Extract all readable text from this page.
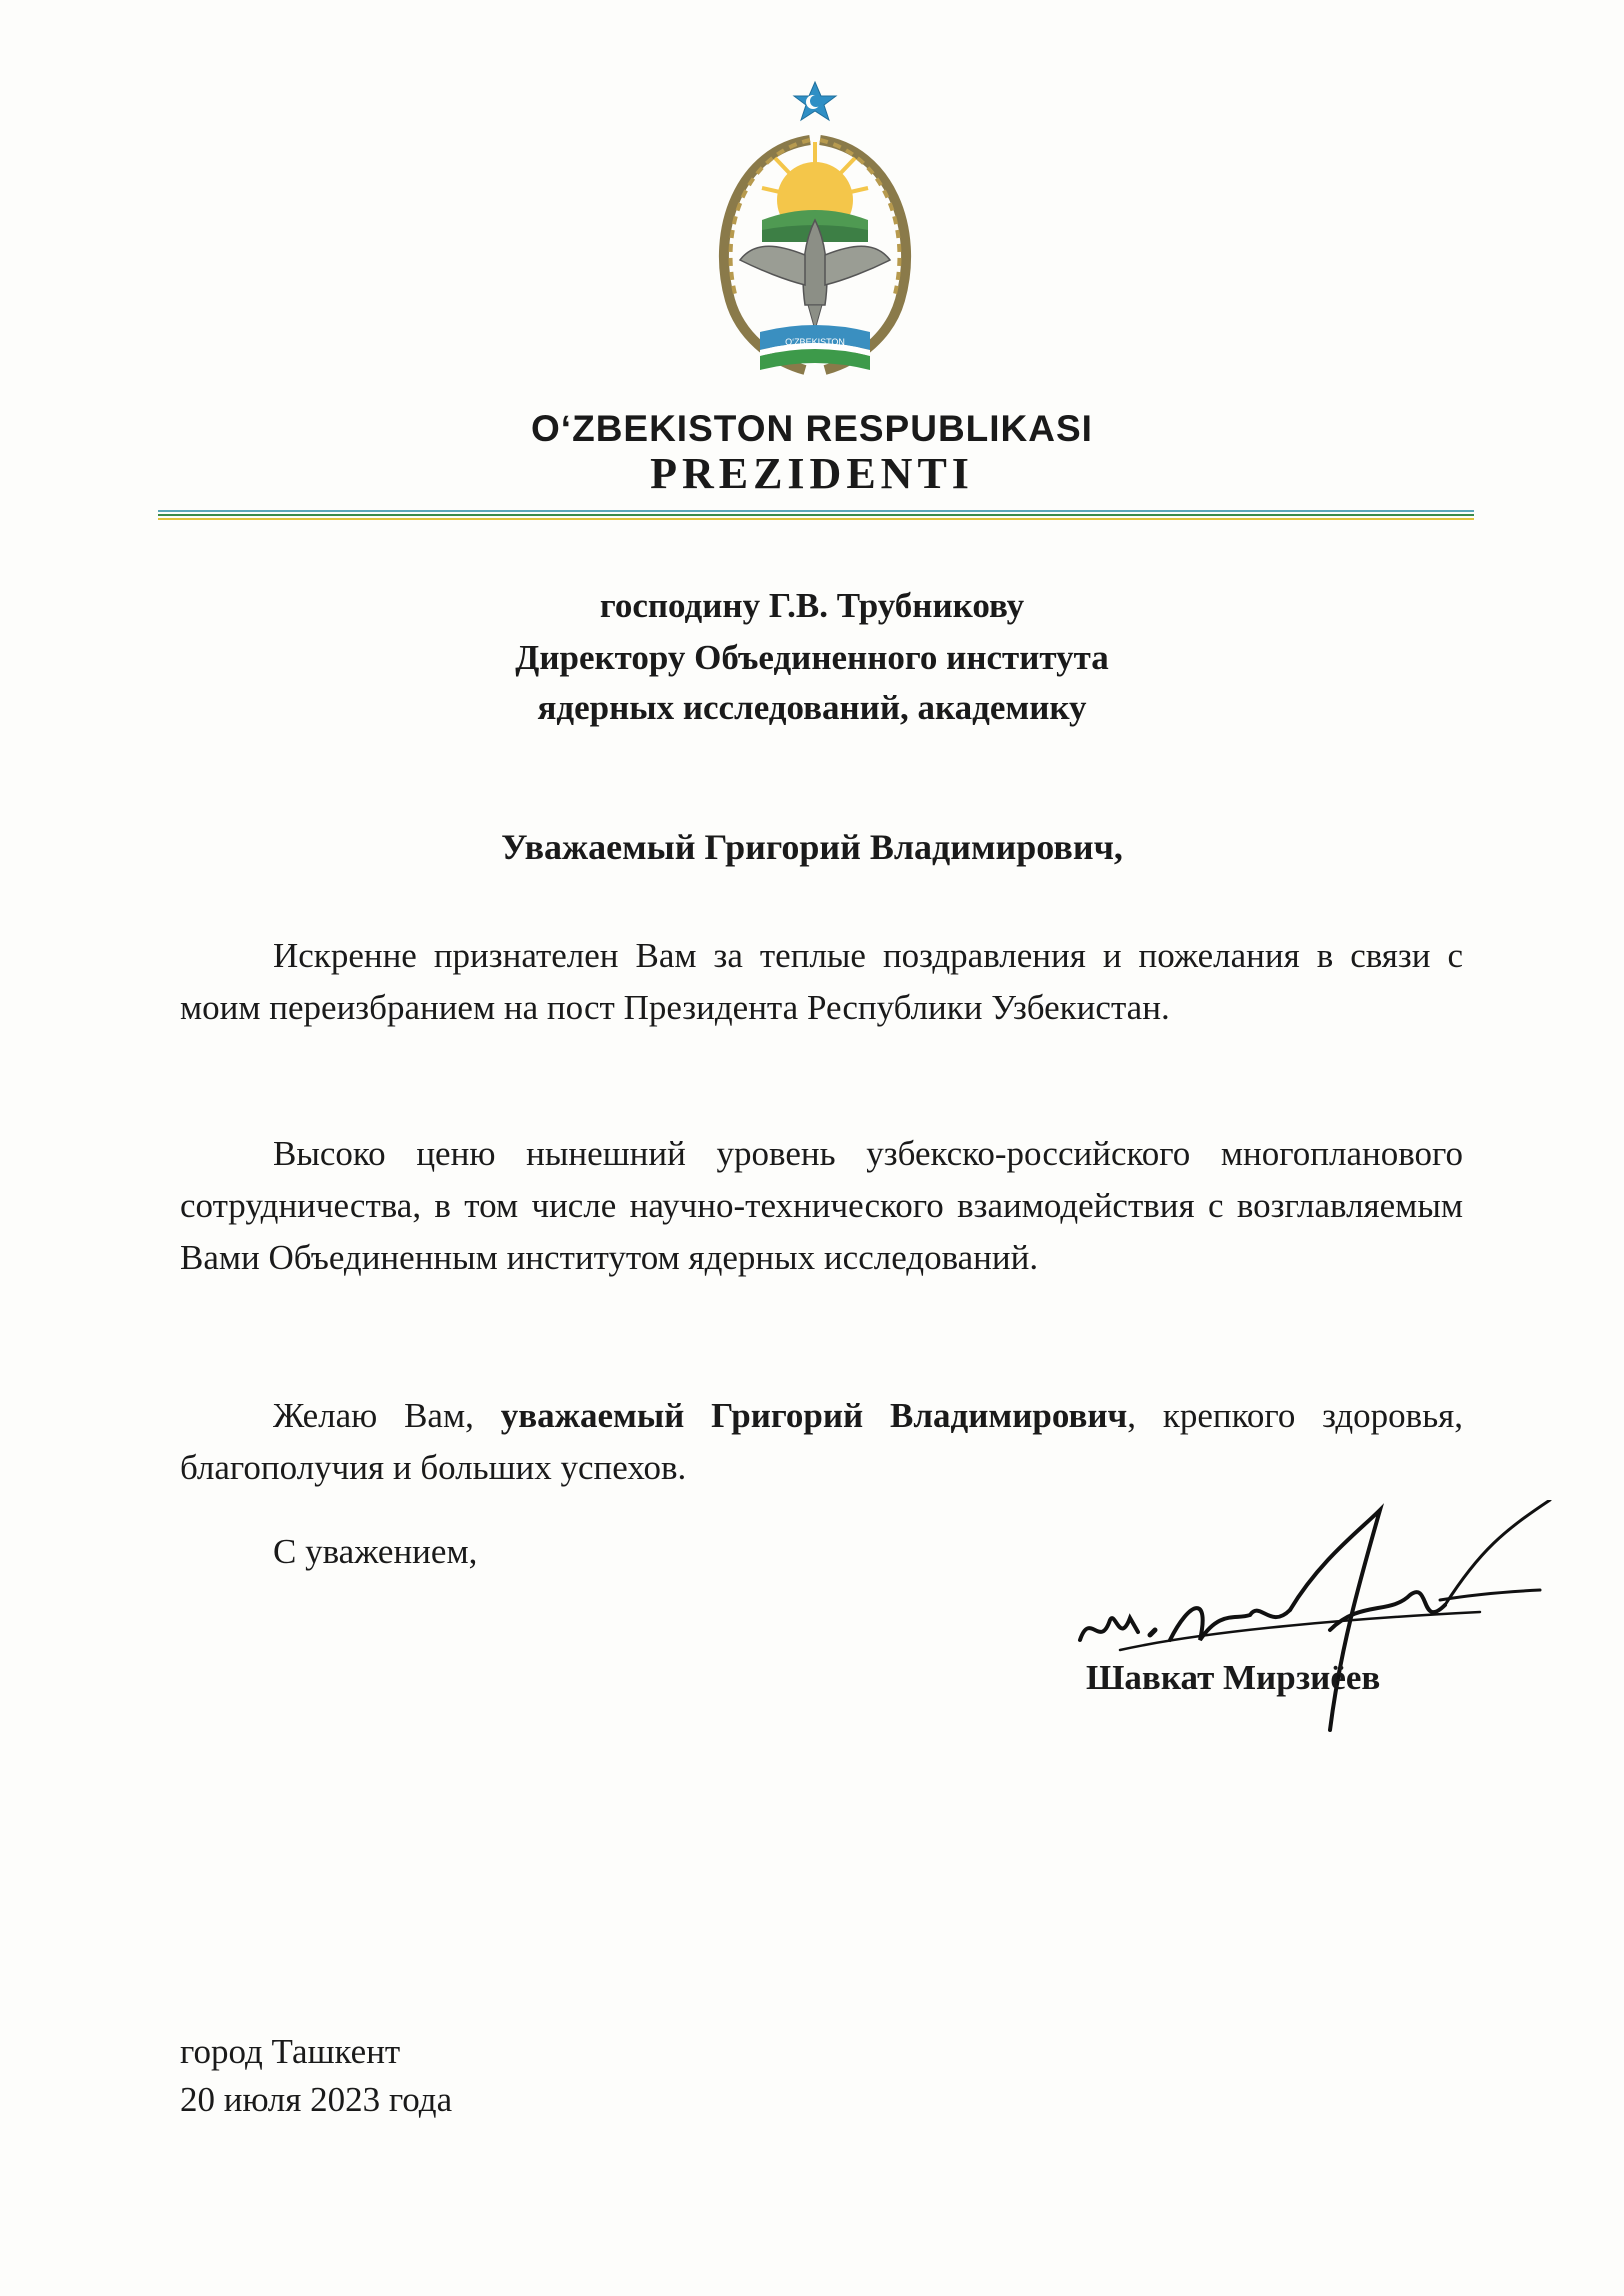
O‘ZBEKISTON
O‘ZBEKISTON RESPUBLIKASI
PREZIDENTI
господину Г.В. Трубникову
Директору Объединенного института
ядерных исследований, академику
Уважаемый Григорий Владимирович,

Искренне признателен Вам за теплые поздравления и пожелания в связи с моим переизбранием на пост Президента Республики Узбекистан.

Высоко ценю нынешний уровень узбекско-российского многопланового сотрудничества, в том числе научно-технического взаимодействия с возглавляемым Вами Объединенным институтом ядерных исследований.

Желаю Вам, уважаемый Григорий Владимирович, крепкого здоровья, благополучия и больших успехов.

С уважением,
Шавкат Мирзиёев
город Ташкент
20 июля 2023 года
